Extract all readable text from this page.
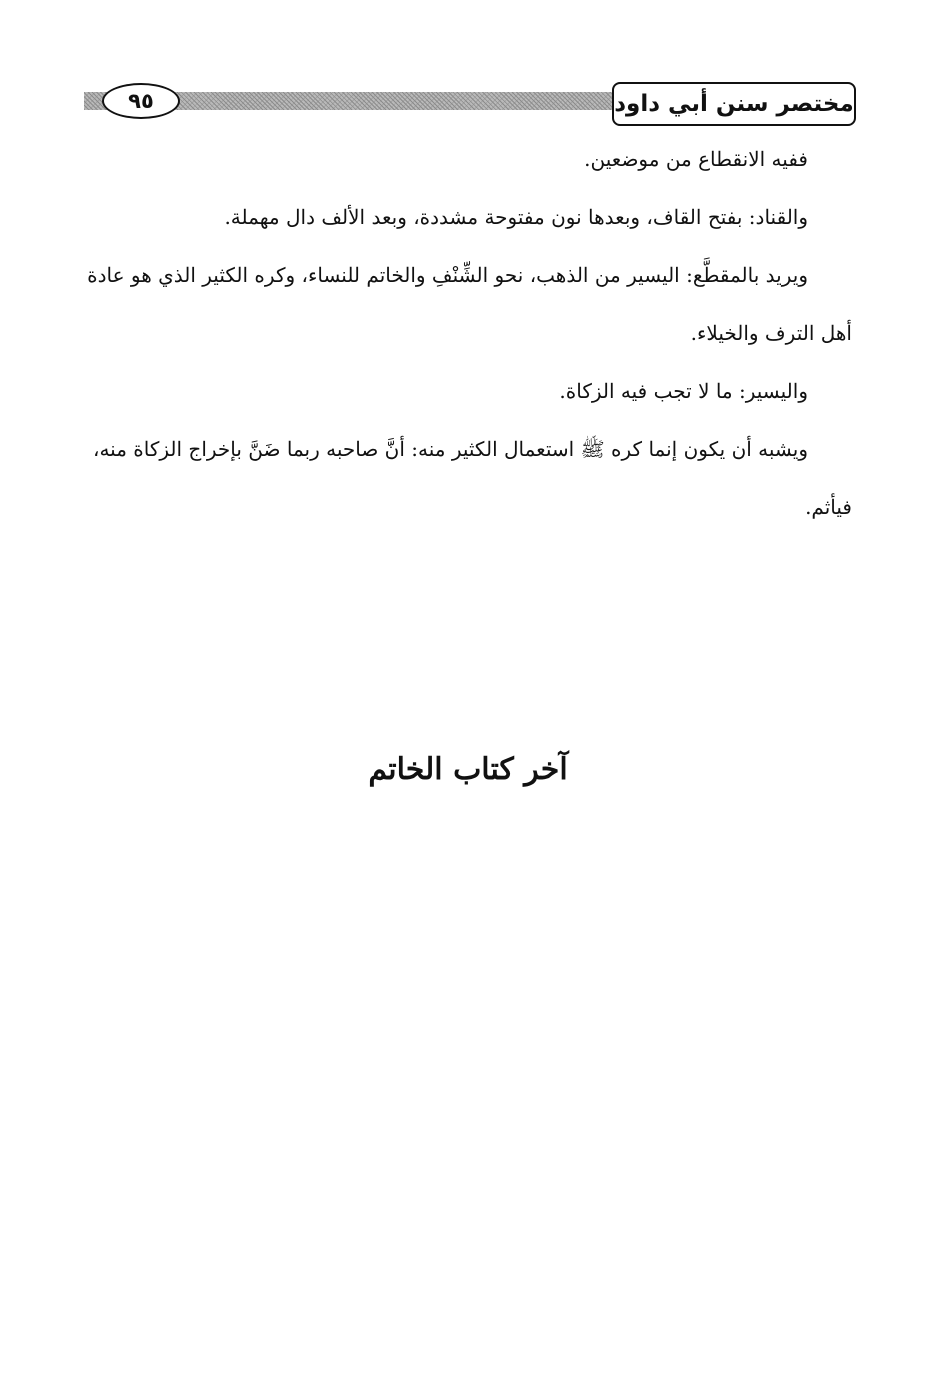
٩٥	مختصر سنن أبي داود

ففيه الانقطاع من موضعين.

والقناد: بفتح القاف، وبعدها نون مفتوحة مشددة، وبعد الألف دال مهملة.

ويريد بالمقطَّع: اليسير من الذهب، نحو الشِّنْفِ والخاتم للنساء، وكره الكثير الذي هو عادة أهل الترف والخيلاء.

واليسير: ما لا تجب فيه الزكاة.

ويشبه أن يكون إنما كره ﷺ استعمال الكثير منه: أنَّ صاحبه ربما ضَنَّ بإخراج الزكاة منه، فيأثم.

آخر كتاب الخاتم
